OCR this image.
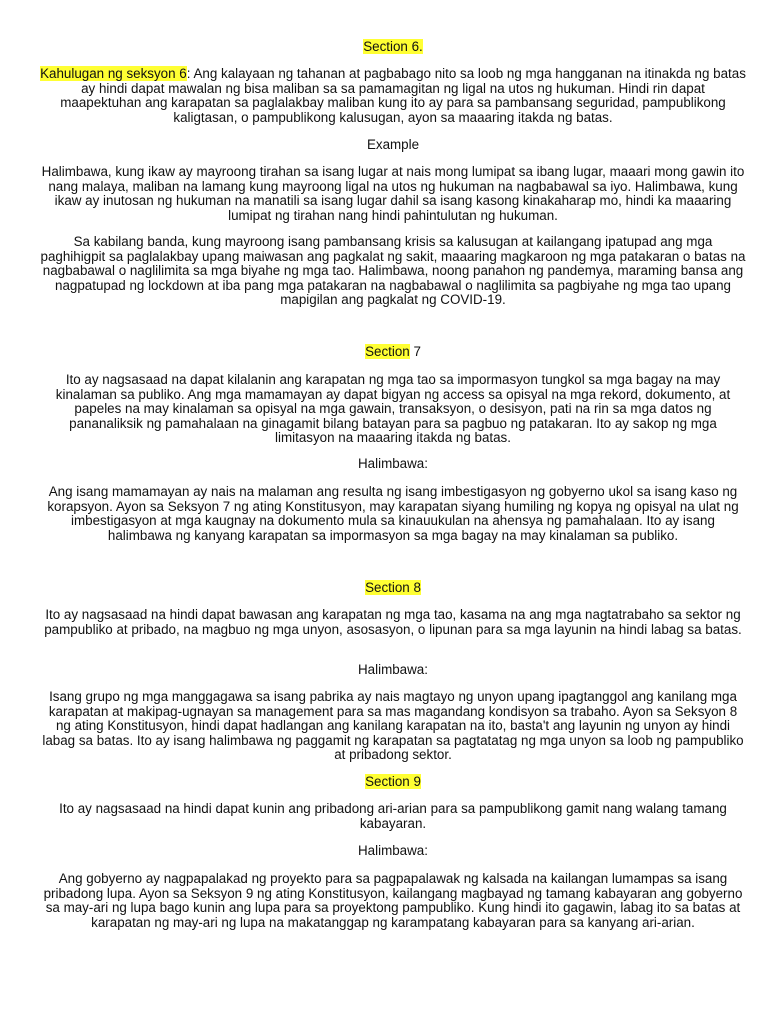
Section 6.

Kahulugan ng seksyon 6: Ang kalayaan ng tahanan at pagbabago nito sa loob ng mga hangganan na itinakda ng batas ay hindi dapat mawalan ng bisa maliban sa sa pamamagitan ng ligal na utos ng hukuman. Hindi rin dapat maapektuhan ang karapatan sa paglalakbay maliban kung ito ay para sa pambansang seguridad, pampublikong kaligtasan, o pampublikong kalusugan, ayon sa maaaring itakda ng batas.

Example

Halimbawa, kung ikaw ay mayroong tirahan sa isang lugar at nais mong lumipat sa ibang lugar, maaari mong gawin ito nang malaya, maliban na lamang kung mayroong ligal na utos ng hukuman na nagbabawal sa iyo. Halimbawa, kung ikaw ay inutosan ng hukuman na manatili sa isang lugar dahil sa isang kasong kinakaharap mo, hindi ka maaaring lumipat ng tirahan nang hindi pahintulutan ng hukuman.

Sa kabilang banda, kung mayroong isang pambansang krisis sa kalusugan at kailangang ipatupad ang mga paghihigpit sa paglalakbay upang maiwasan ang pagkalat ng sakit, maaaring magkaroon ng mga patakaran o batas na nagbabawal o naglilimita sa mga biyahe ng mga tao. Halimbawa, noong panahon ng pandemya, maraming bansa ang nagpatupad ng lockdown at iba pang mga patakaran na nagbabawal o naglilimita sa pagbiyahe ng mga tao upang mapigilan ang pagkalat ng COVID-19.

Section 7

Ito ay nagsasaad na dapat kilalanin ang karapatan ng mga tao sa impormasyon tungkol sa mga bagay na may kinalaman sa publiko. Ang mga mamamayan ay dapat bigyan ng access sa opisyal na mga rekord, dokumento, at papeles na may kinalaman sa opisyal na mga gawain, transaksyon, o desisyon, pati na rin sa mga datos ng pananaliksik ng pamahalaan na ginagamit bilang batayan para sa pagbuo ng patakaran. Ito ay sakop ng mga limitasyon na maaaring itakda ng batas.

Halimbawa:

Ang isang mamamayan ay nais na malaman ang resulta ng isang imbestigasyon ng gobyerno ukol sa isang kaso ng korapsyon. Ayon sa Seksyon 7 ng ating Konstitusyon, may karapatan siyang humiling ng kopya ng opisyal na ulat ng imbestigasyon at mga kaugnay na dokumento mula sa kinauukulan na ahensya ng pamahalaan. Ito ay isang halimbawa ng kanyang karapatan sa impormasyon sa mga bagay na may kinalaman sa publiko.

Section 8

Ito ay nagsasaad na hindi dapat bawasan ang karapatan ng mga tao, kasama na ang mga nagtatrabaho sa sektor ng pampubliko at pribado, na magbuo ng mga unyon, asosasyon, o lipunan para sa mga layunin na hindi labag sa batas.

Halimbawa:

Isang grupo ng mga manggagawa sa isang pabrika ay nais magtayo ng unyon upang ipagtanggol ang kanilang mga karapatan at makipag-ugnayan sa management para sa mas magandang kondisyon sa trabaho. Ayon sa Seksyon 8 ng ating Konstitusyon, hindi dapat hadlangan ang kanilang karapatan na ito, basta't ang layunin ng unyon ay hindi labag sa batas. Ito ay isang halimbawa ng paggamit ng karapatan sa pagtatatag ng mga unyon sa loob ng pampubliko at pribadong sektor.

Section 9

Ito ay nagsasaad na hindi dapat kunin ang pribadong ari-arian para sa pampublikong gamit nang walang tamang kabayaran.

Halimbawa:

Ang gobyerno ay nagpapalakad ng proyekto para sa pagpapalawak ng kalsada na kailangan lumampas sa isang pribadong lupa. Ayon sa Seksyon 9 ng ating Konstitusyon, kailangang magbayad ng tamang kabayaran ang gobyerno sa may-ari ng lupa bago kunin ang lupa para sa proyektong pampubliko. Kung hindi ito gagawin, labag ito sa batas at karapatan ng may-ari ng lupa na makatanggap ng karampatang kabayaran para sa kanyang ari-arian.
